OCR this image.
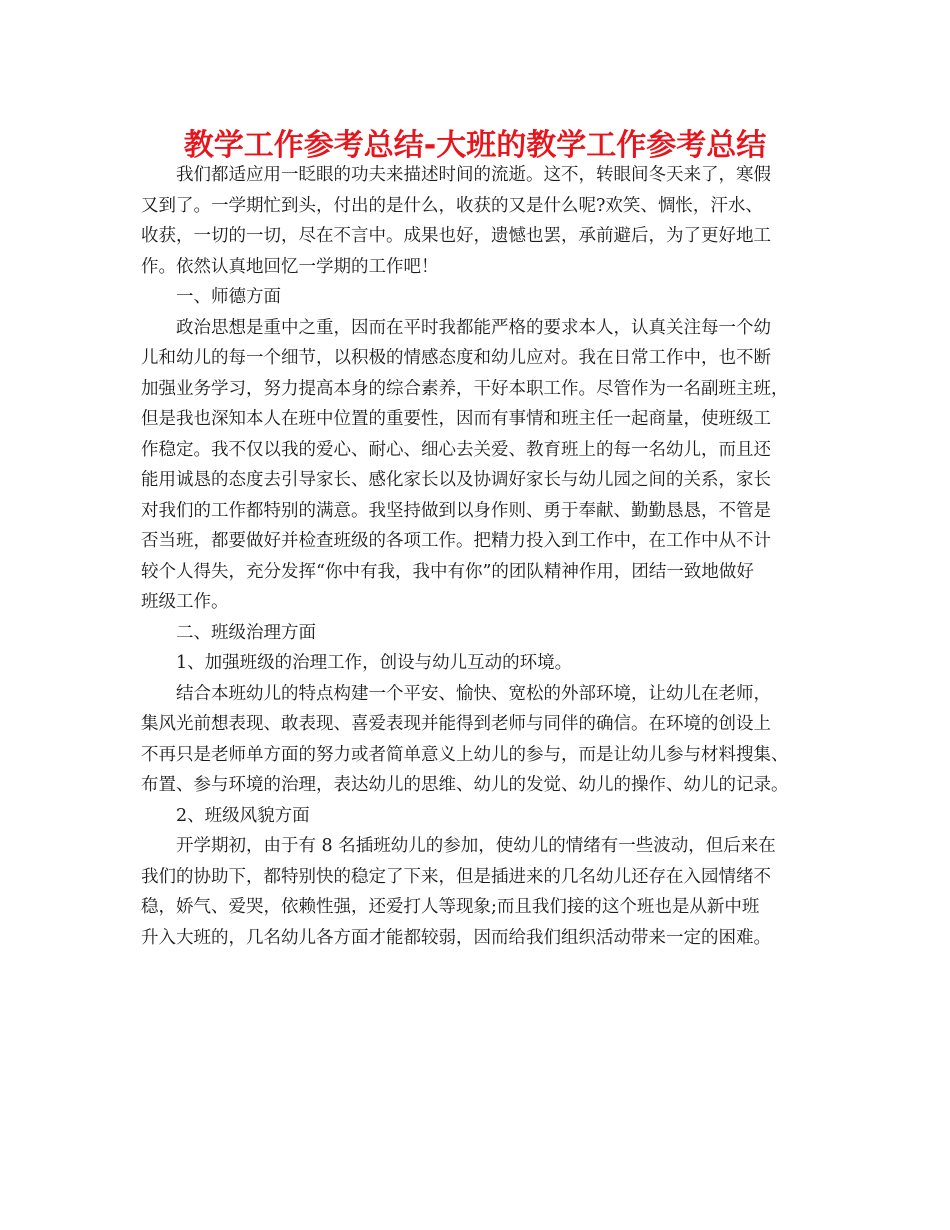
教学工作参考总结-大班的教学工作参考总结
我们都适应用一眨眼的功夫来描述时间的流逝。这不，转眼间冬天来了，寒假
又到了。一学期忙到头，付出的是什么，收获的又是什么呢?欢笑、惆怅，汗水、
收获，一切的一切，尽在不言中。成果也好，遗憾也罢，承前避后，为了更好地工
作。依然认真地回忆一学期的工作吧！
一、师德方面
政治思想是重中之重，因而在平时我都能严格的要求本人，认真关注每一个幼
儿和幼儿的每一个细节，以积极的情感态度和幼儿应对。我在日常工作中，也不断
加强业务学习，努力提高本身的综合素养，干好本职工作。尽管作为一名副班主班，
但是我也深知本人在班中位置的重要性，因而有事情和班主任一起商量，使班级工
作稳定。我不仅以我的爱心、耐心、细心去关爱、教育班上的每一名幼儿，而且还
能用诚恳的态度去引导家长、感化家长以及协调好家长与幼儿园之间的关系，家长
对我们的工作都特别的满意。我坚持做到以身作则、勇于奉献、勤勤恳恳，不管是
否当班，都要做好并检查班级的各项工作。把精力投入到工作中，在工作中从不计
较个人得失，充分发挥“你中有我，我中有你”的团队精神作用，团结一致地做好
班级工作。
二、班级治理方面
1、加强班级的治理工作，创设与幼儿互动的环境。
结合本班幼儿的特点构建一个平安、愉快、宽松的外部环境，让幼儿在老师，
集风光前想表现、敢表现、喜爱表现并能得到老师与同伴的确信。在环境的创设上
不再只是老师单方面的努力或者简单意义上幼儿的参与，而是让幼儿参与材料搜集、
布置、参与环境的治理，表达幼儿的思维、幼儿的发觉、幼儿的操作、幼儿的记录。
2、班级风貌方面
开学期初，由于有 8 名插班幼儿的参加，使幼儿的情绪有一些波动，但后来在
我们的协助下，都特别快的稳定了下来，但是插进来的几名幼儿还存在入园情绪不
稳，娇气、爱哭，依赖性强，还爱打人等现象;而且我们接的这个班也是从新中班
升入大班的，几名幼儿各方面才能都较弱，因而给我们组织活动带来一定的困难。
